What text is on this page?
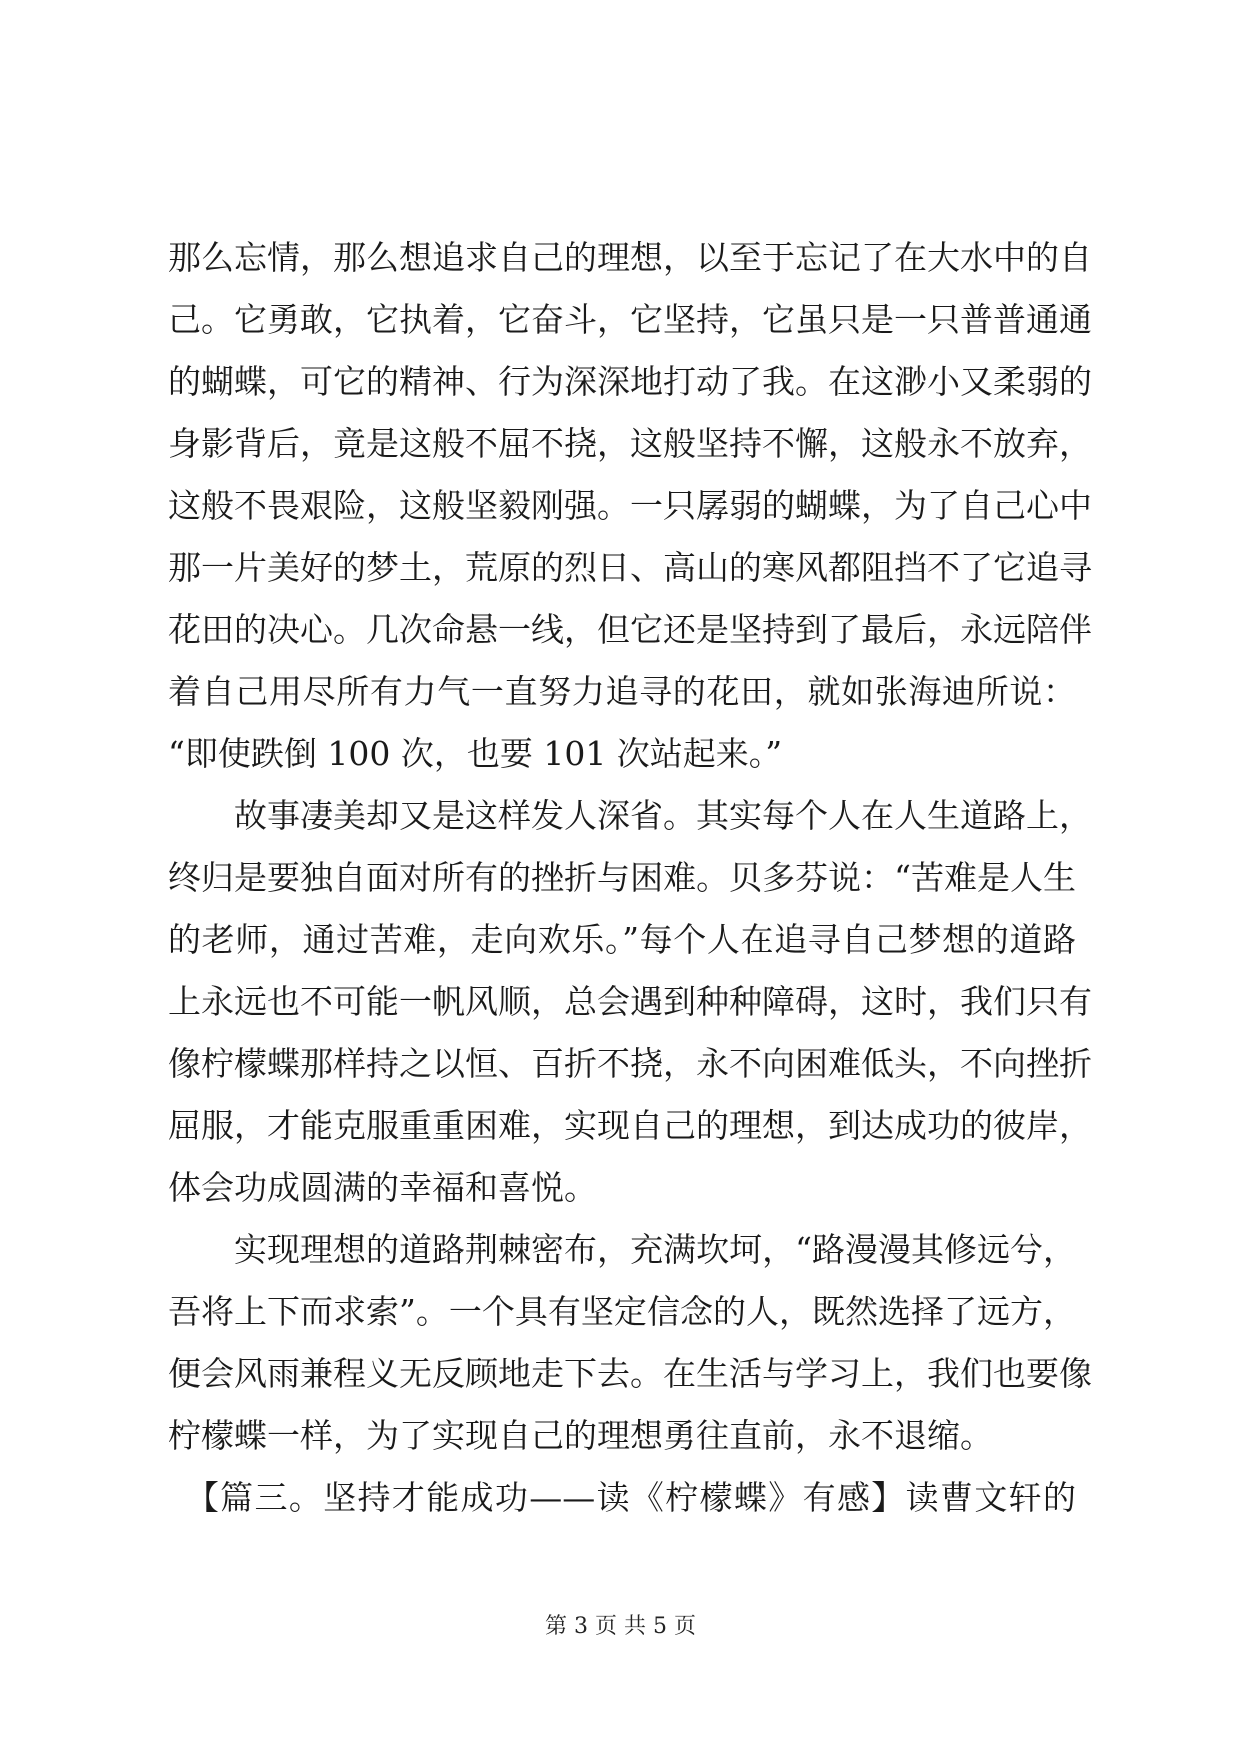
那么忘情，那么想追求自己的理想，以至于忘记了在大水中的自
己。它勇敢，它执着，它奋斗，它坚持，它虽只是一只普普通通
的蝴蝶，可它的精神、行为深深地打动了我。在这渺小又柔弱的
身影背后，竟是这般不屈不挠，这般坚持不懈，这般永不放弃，
这般不畏艰险，这般坚毅刚强。一只孱弱的蝴蝶，为了自己心中
那一片美好的梦土，荒原的烈日、高山的寒风都阻挡不了它追寻
花田的决心。几次命悬一线，但它还是坚持到了最后，永远陪伴
着自己用尽所有力气一直努力追寻的花田，就如张海迪所说：
“即使跌倒 100 次，也要 101 次站起来。”
　　故事凄美却又是这样发人深省。其实每个人在人生道路上，
终归是要独自面对所有的挫折与困难。贝多芬说：“苦难是人生
的老师，通过苦难，走向欢乐。”每个人在追寻自己梦想的道路
上永远也不可能一帆风顺，总会遇到种种障碍，这时，我们只有
像柠檬蝶那样持之以恒、百折不挠，永不向困难低头，不向挫折
屈服，才能克服重重困难，实现自己的理想，到达成功的彼岸，
体会功成圆满的幸福和喜悦。
　　实现理想的道路荆棘密布，充满坎坷，“路漫漫其修远兮，
吾将上下而求索”。一个具有坚定信念的人，既然选择了远方，
便会风雨兼程义无反顾地走下去。在生活与学习上，我们也要像
柠檬蝶一样，为了实现自己的理想勇往直前，永不退缩。
　【篇三。坚持才能成功——读《柠檬蝶》有感】读曹文轩的
第 3 页 共 5 页
